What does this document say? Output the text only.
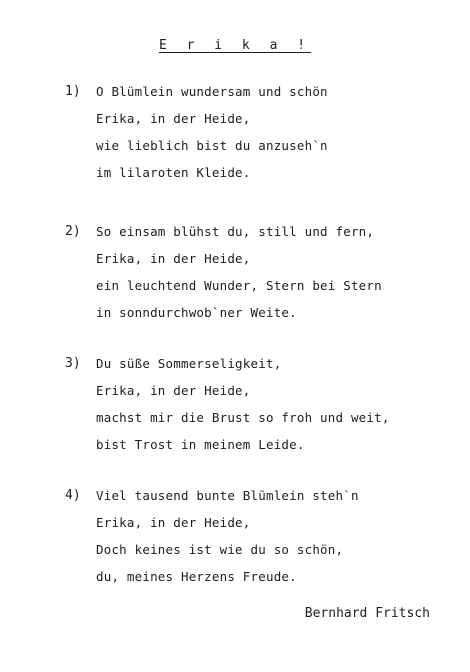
E r i k a !
1) O Blümlein wundersam und schön
Erika, in der Heide,
wie lieblich bist du anzuseh`n
im lilaroten Kleide.
2) So einsam blühst du, still und fern,
Erika, in der Heide,
ein leuchtend Wunder, Stern bei Stern
in sonndurchwob`ner Weite.
3) Du süße Sommerseligkeit,
Erika, in der Heide,
machst mir die Brust so froh und weit,
bist Trost in meinem Leide.
4) Viel tausend bunte Blümlein steh`n
Erika, in der Heide,
Doch keines ist wie du so schön,
du, meines Herzens Freude.
Bernhard Fritsch
